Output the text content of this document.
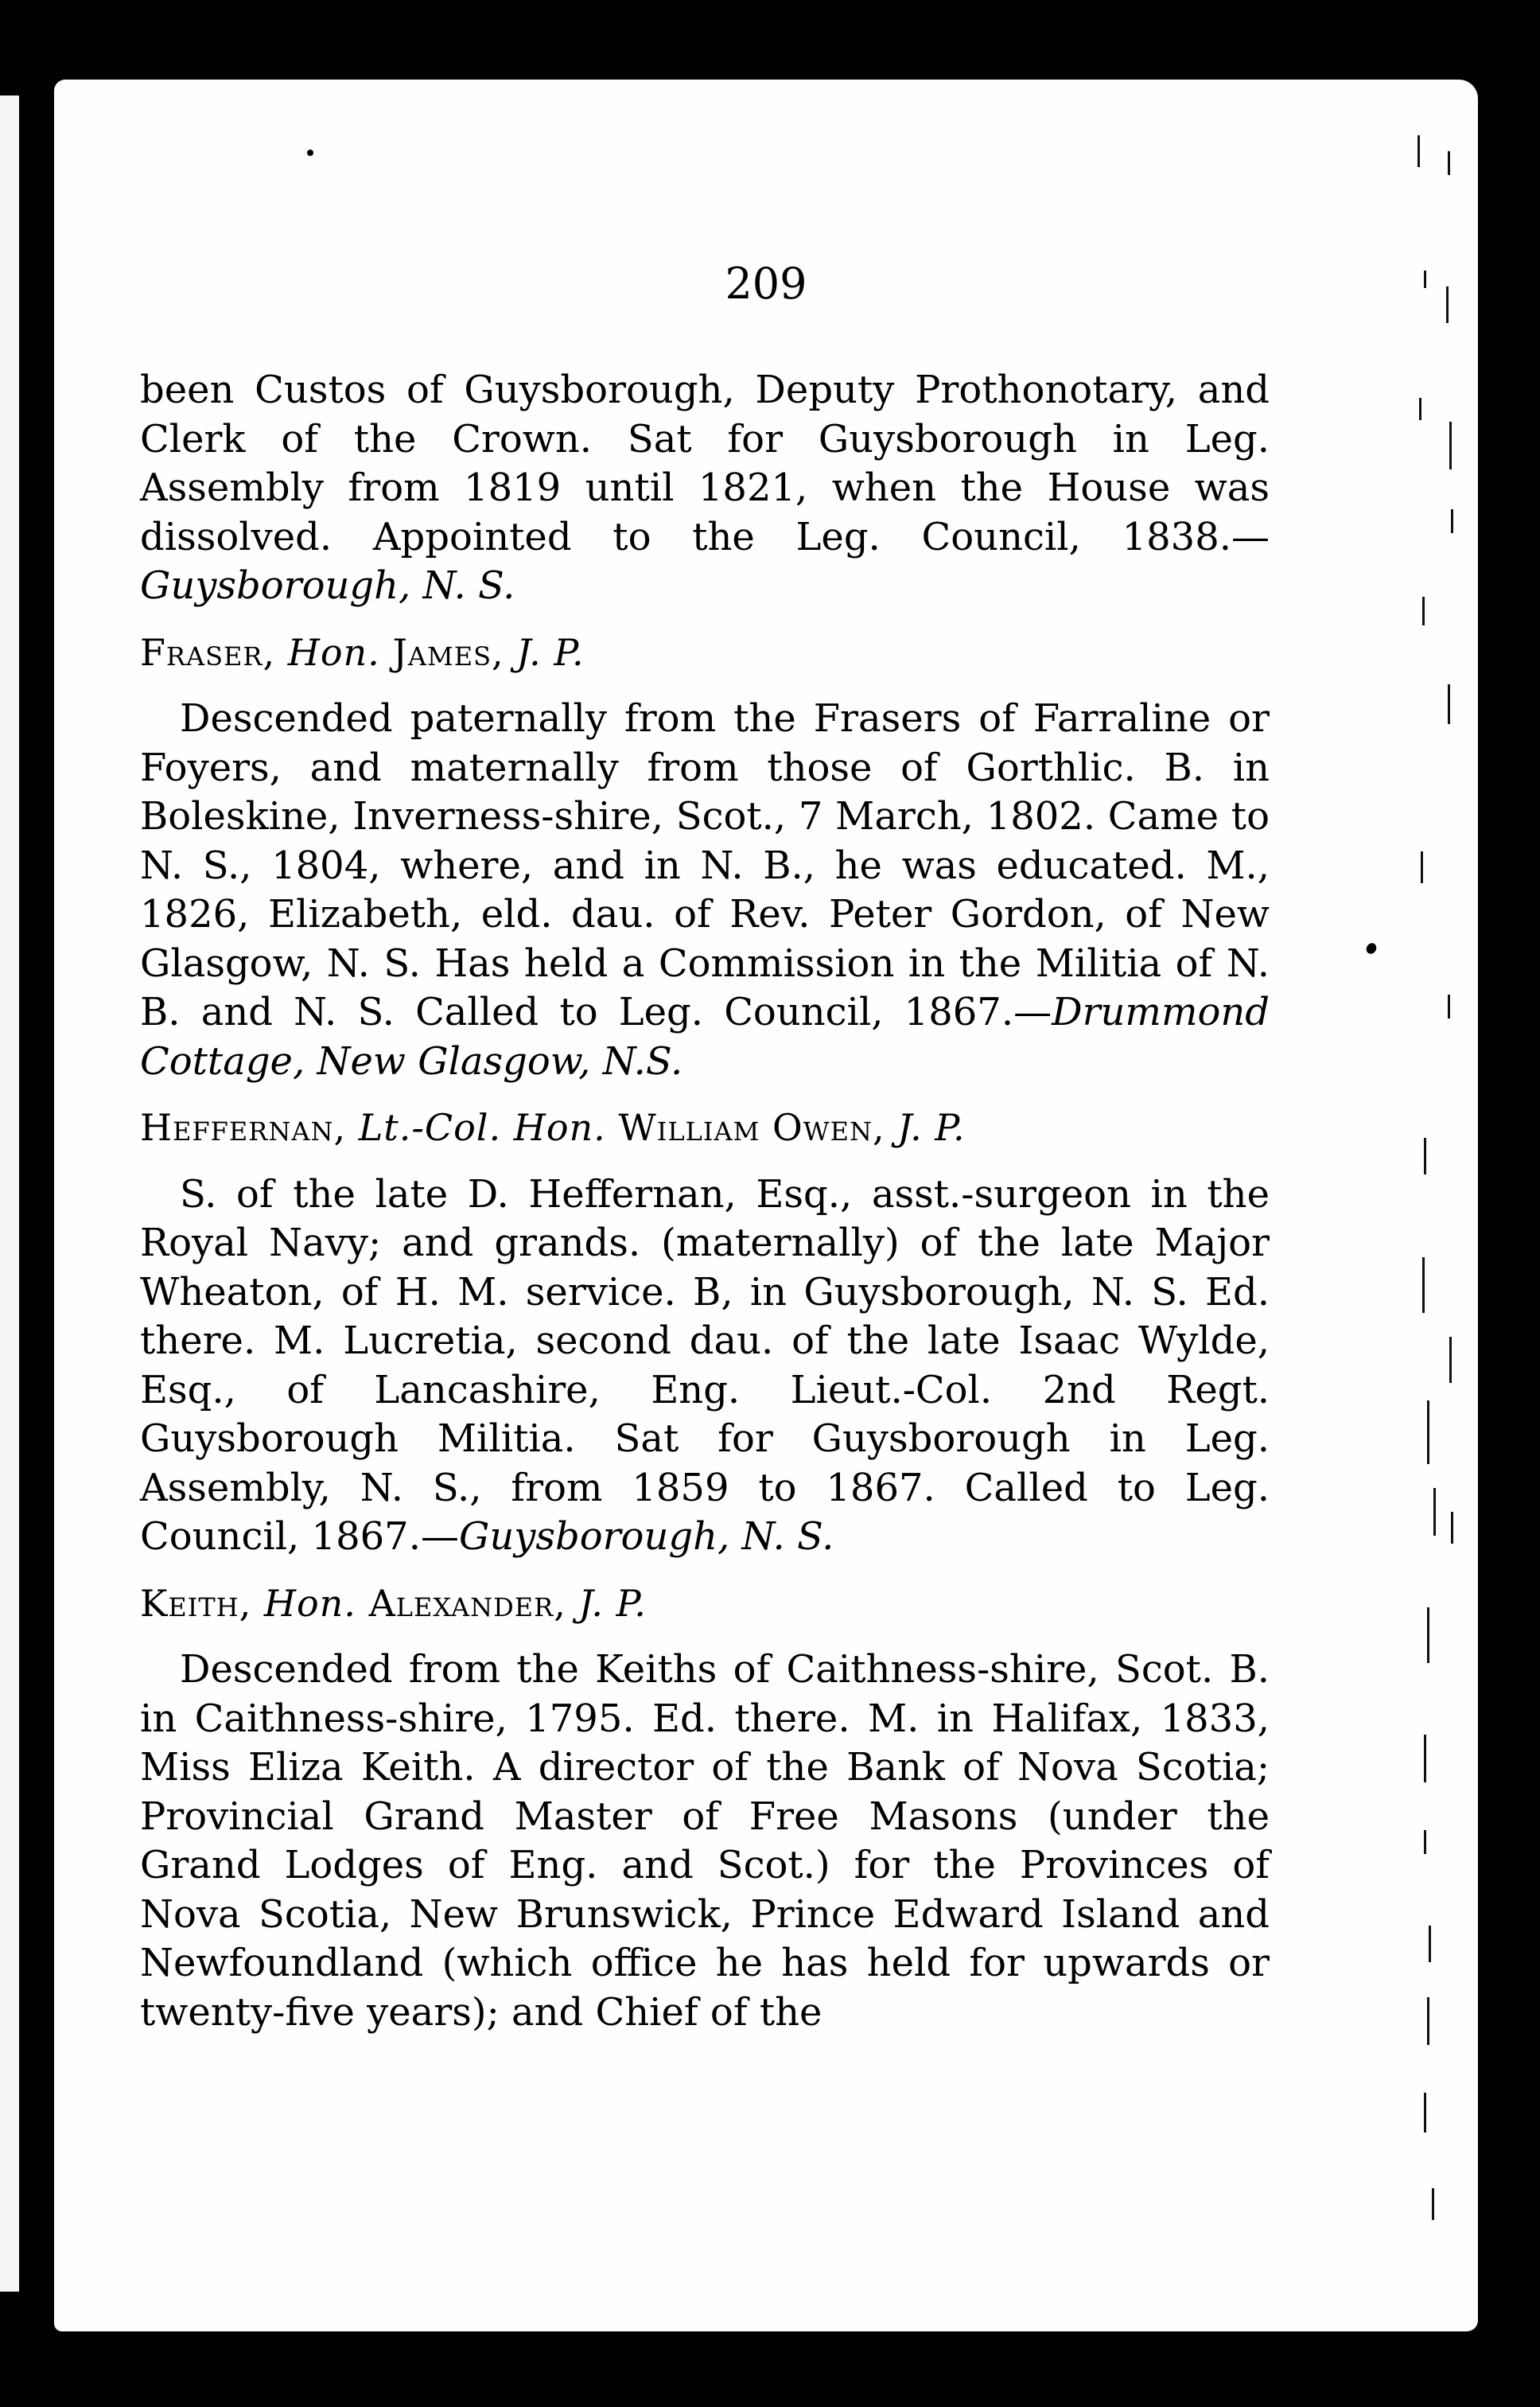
209

been Custos of Guysborough, Deputy Prothonotary, and Clerk of the Crown. Sat for Guysborough in Leg. Assembly from 1819 until 1821, when the House was dissolved. Appointed to the Leg. Council, 1838.—Guysborough, N. S.

Fraser, Hon. James, J. P.

Descended paternally from the Frasers of Farraline or Foyers, and maternally from those of Gorthlic. B. in Boleskine, Inverness-shire, Scot., 7 March, 1802. Came to N. S., 1804, where, and in N. B., he was educated. M., 1826, Elizabeth, eld. dau. of Rev. Peter Gordon, of New Glasgow, N. S. Has held a Commission in the Militia of N. B. and N. S. Called to Leg. Council, 1867.—Drummond Cottage, New Glasgow, N.S.

Heffernan, Lt.-Col. Hon. William Owen, J. P.

S. of the late D. Heffernan, Esq., asst.-surgeon in the Royal Navy; and grands. (maternally) of the late Major Wheaton, of H. M. service. B, in Guysborough, N. S. Ed. there. M. Lucretia, second dau. of the late Isaac Wylde, Esq., of Lancashire, Eng. Lieut.-Col. 2nd Regt. Guysborough Militia. Sat for Guysborough in Leg. Assembly, N. S., from 1859 to 1867. Called to Leg. Council, 1867.—Guysborough, N. S.

Keith, Hon. Alexander, J. P.

Descended from the Keiths of Caithness-shire, Scot. B. in Caithness-shire, 1795. Ed. there. M. in Halifax, 1833, Miss Eliza Keith. A director of the Bank of Nova Scotia; Provincial Grand Master of Free Masons (under the Grand Lodges of Eng. and Scot.) for the Provinces of Nova Scotia, New Brunswick, Prince Edward Island and Newfoundland (which office he has held for upwards or twenty-five years); and Chief of the
